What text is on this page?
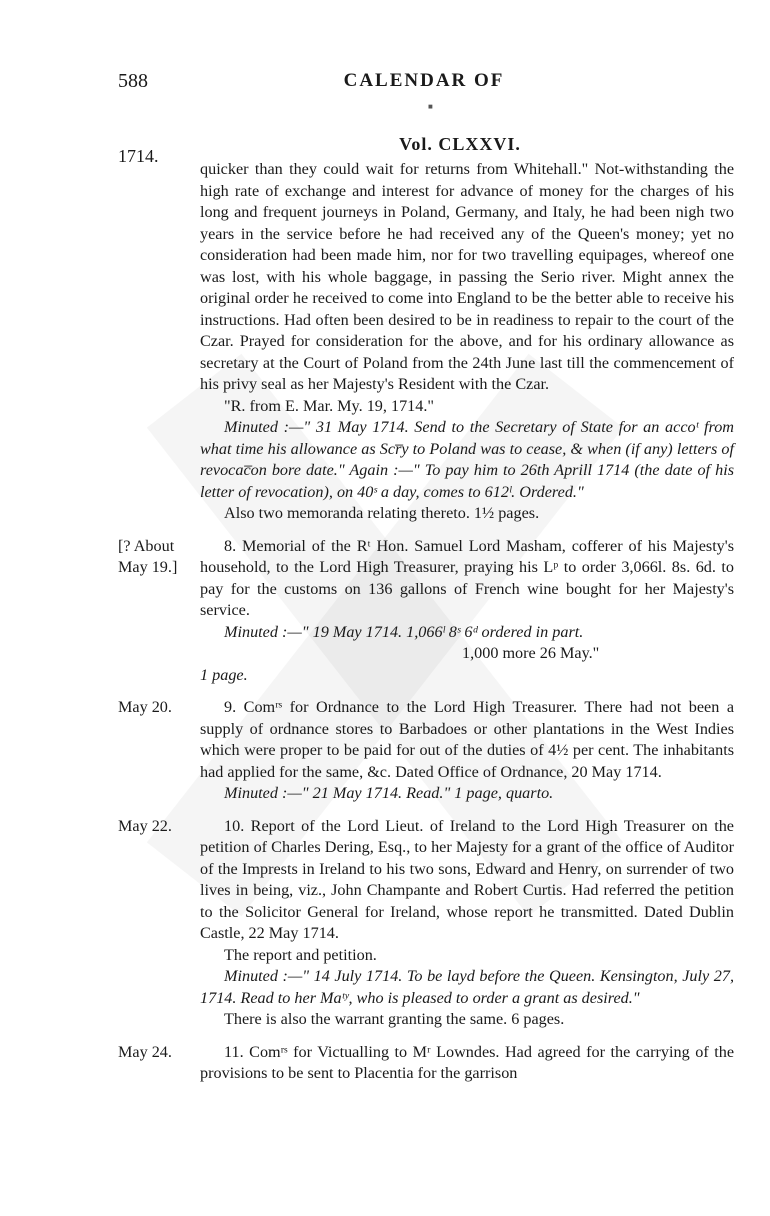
588	CALENDAR OF
■
1714.
Vol. CLXXVI.

quicker than they could wait for returns from Whitehall." Not-withstanding the high rate of exchange and interest for advance of money for the charges of his long and frequent journeys in Poland, Germany, and Italy, he had been nigh two years in the service before he had received any of the Queen's money; yet no consideration had been made him, nor for two travelling equipages, whereof one was lost, with his whole baggage, in passing the Serio river. Might annex the original order he received to come into England to be the better able to receive his instructions. Had often been desired to be in readiness to repair to the court of the Czar. Prayed for consideration for the above, and for his ordinary allowance as secretary at the Court of Poland from the 24th June last till the commencement of his privy seal as her Majesty's Resident with the Czar.

"R. from E. Mar. My. 19, 1714."

Minuted :—" 31 May 1714. Send to the Secretary of State for an accoᵗ from what time his allowance as Scr̅y to Poland was to cease, & when (if any) letters of revocac̅on bore date." Again :—" To pay him to 26th Aprill 1714 (the date of his letter of revocation), on 40ˢ a day, comes to 612ˡ. Ordered."

Also two memoranda relating thereto. 1½ pages.

[? About May 19.]

8. Memorial of the Rᵗ Hon. Samuel Lord Masham, cofferer of his Majesty's household, to the Lord High Treasurer, praying his Lᵖ to order 3,066l. 8s. 6d. to pay for the customs on 136 gallons of French wine bought for her Majesty's service.

Minuted :—" 19 May 1714. 1,066ˡ 8ˢ 6ᵈ ordered in part.

1,000 more 26 May."

1 page.

May 20.	9. Comʳˢ for Ordnance to the Lord High Treasurer. There had not been a supply of ordnance stores to Barbadoes or other plantations in the West Indies which were proper to be paid for out of the duties of 4½ per cent. The inhabitants had applied for the same, &c. Dated Office of Ordnance, 20 May 1714.

Minuted :—" 21 May 1714. Read." 1 page, quarto.

May 22.	10. Report of the Lord Lieut. of Ireland to the Lord High Treasurer on the petition of Charles Dering, Esq., to her Majesty for a grant of the office of Auditor of the Imprests in Ireland to his two sons, Edward and Henry, on surrender of two lives in being, viz., John Champante and Robert Curtis. Had referred the petition to the Solicitor General for Ireland, whose report he transmitted. Dated Dublin Castle, 22 May 1714.

The report and petition.

Minuted :—" 14 July 1714. To be layd before the Queen. Kensington, July 27, 1714. Read to her Maᵗʸ, who is pleased to order a grant as desired."

There is also the warrant granting the same. 6 pages.

May 24.	11. Comʳˢ for Victualling to Mʳ Lowndes. Had agreed for the carrying of the provisions to be sent to Placentia for the garrison
